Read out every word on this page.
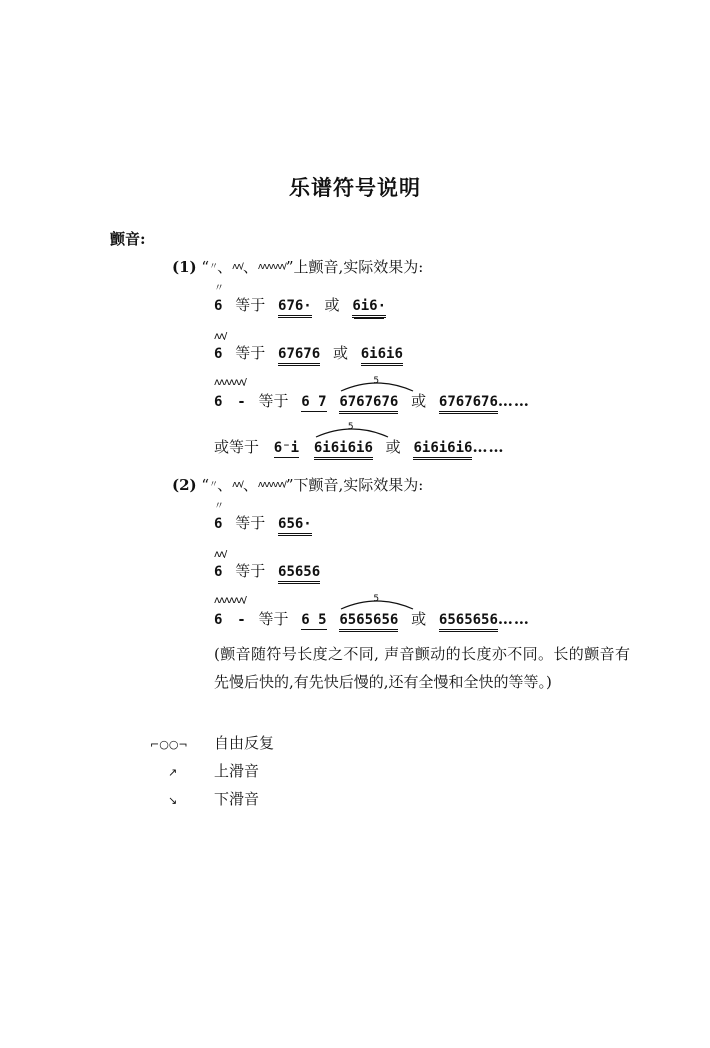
乐谱符号说明
颤音:
(1) “〃、$^{ʌʌ/}$、$^{ʌʌʌʌʌʌ/}$”上颤音,实际效果为:
〃
6 等于 676· 或 6i6·
ʌʌ/
6 等于 67676 或 6i6i6
ʌʌʌʌʌʌ/
6 - 等于 6 7
5
6767676 或 6767676……
或等于 6⁻i
5
6i6i6i6 或 6i6i6i6……
(2) “〃、$^{ʌʌ/}$、$^{ʌʌʌʌʌʌ/}$”下颤音,实际效果为:
〃
6 等于 656·
ʌʌ/
6 等于 65656
ʌʌʌʌʌʌ/
6 - 等于 6 5
5
6565656 或 6565656……
(颤音随符号长度之不同, 声音颤动的长度亦不同。长的颤音有先慢后快的,有先快后慢的,还有全慢和全快的等等。)
⌐○○¬ 自由反复
↗ 上滑音
↘ 下滑音
